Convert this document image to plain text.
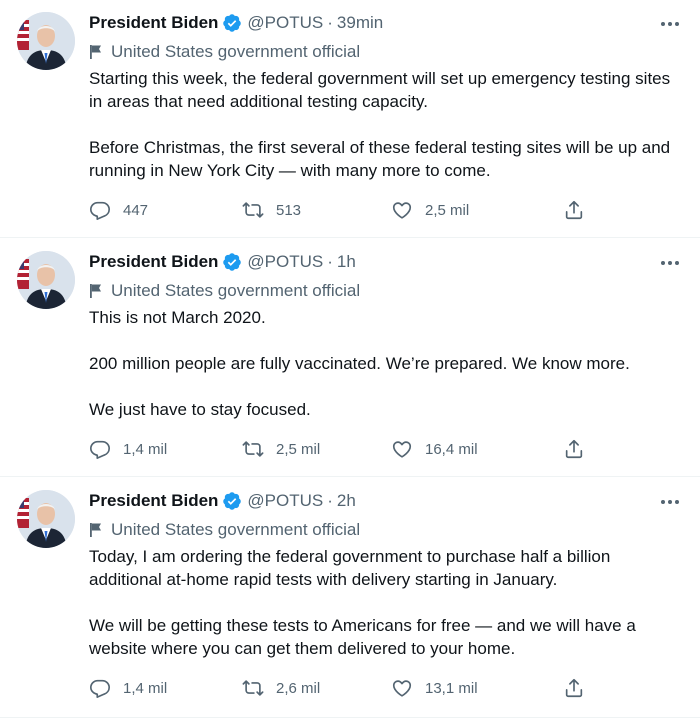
President Biden @POTUS · 39min
United States government official

Starting this week, the federal government will set up emergency testing sites in areas that need additional testing capacity.

Before Christmas, the first several of these federal testing sites will be up and running in New York City — with many more to come.

447	513	2,5 mil
President Biden @POTUS · 1h
United States government official

This is not March 2020.

200 million people are fully vaccinated. We’re prepared. We know more.

We just have to stay focused.

1,4 mil	2,5 mil	16,4 mil
President Biden @POTUS · 2h
United States government official

Today, I am ordering the federal government to purchase half a billion additional at-home rapid tests with delivery starting in January.

We will be getting these tests to Americans for free — and we will have a website where you can get them delivered to your home.

1,4 mil	2,6 mil	13,1 mil
